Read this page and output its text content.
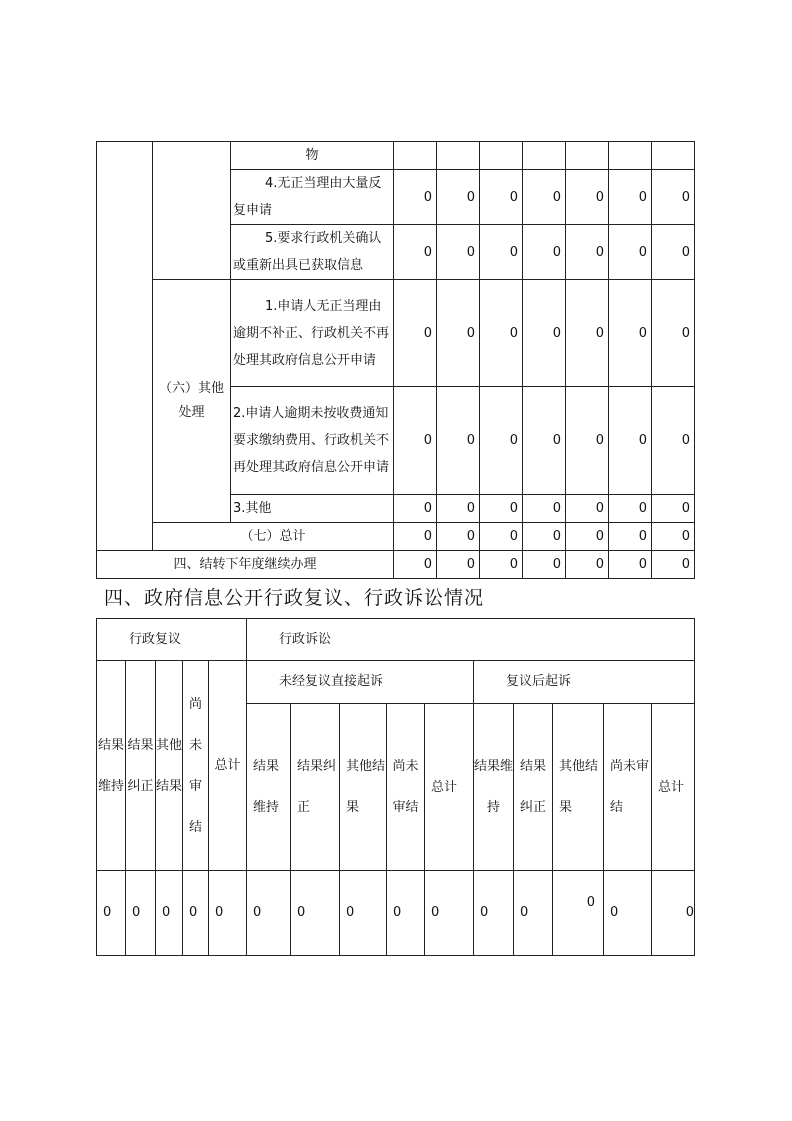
		物							

		4.无正当理由大量反复申请	0	0	0	0	0	0	0

		5.要求行政机关确认或重新出具已获取信息	0	0	0	0	0	0	0
	（六）其他处理	1.申请人无正当理由逾期不补正、行政机关不再处理其政府信息公开申请	0	0	0	0	0	0	0

		2.申请人逾期未按收费通知要求缴纳费用、行政机关不再处理其政府信息公开申请	0	0	0	0	0	0	0
		3.其他	0	0	0	0	0	0	0
	（七）总计		0	0	0	0	0	0	0
四、结转下年度继续办理			0	0	0	0	0	0	0
四、政府信息公开行政复议、行政诉讼情况
行政复议					行政诉讼									
结果维持	结果纠正	其他结果	尚未审结	总计	未经复议直接起诉					复议后起诉				
					结果维持	结果纠正	其他结果	尚未审结	总计	结果维持	结果纠正	其他结果	尚未审结	总计
0	0	0	0	0	0	0	0	0	0	0	0	0	0	0
